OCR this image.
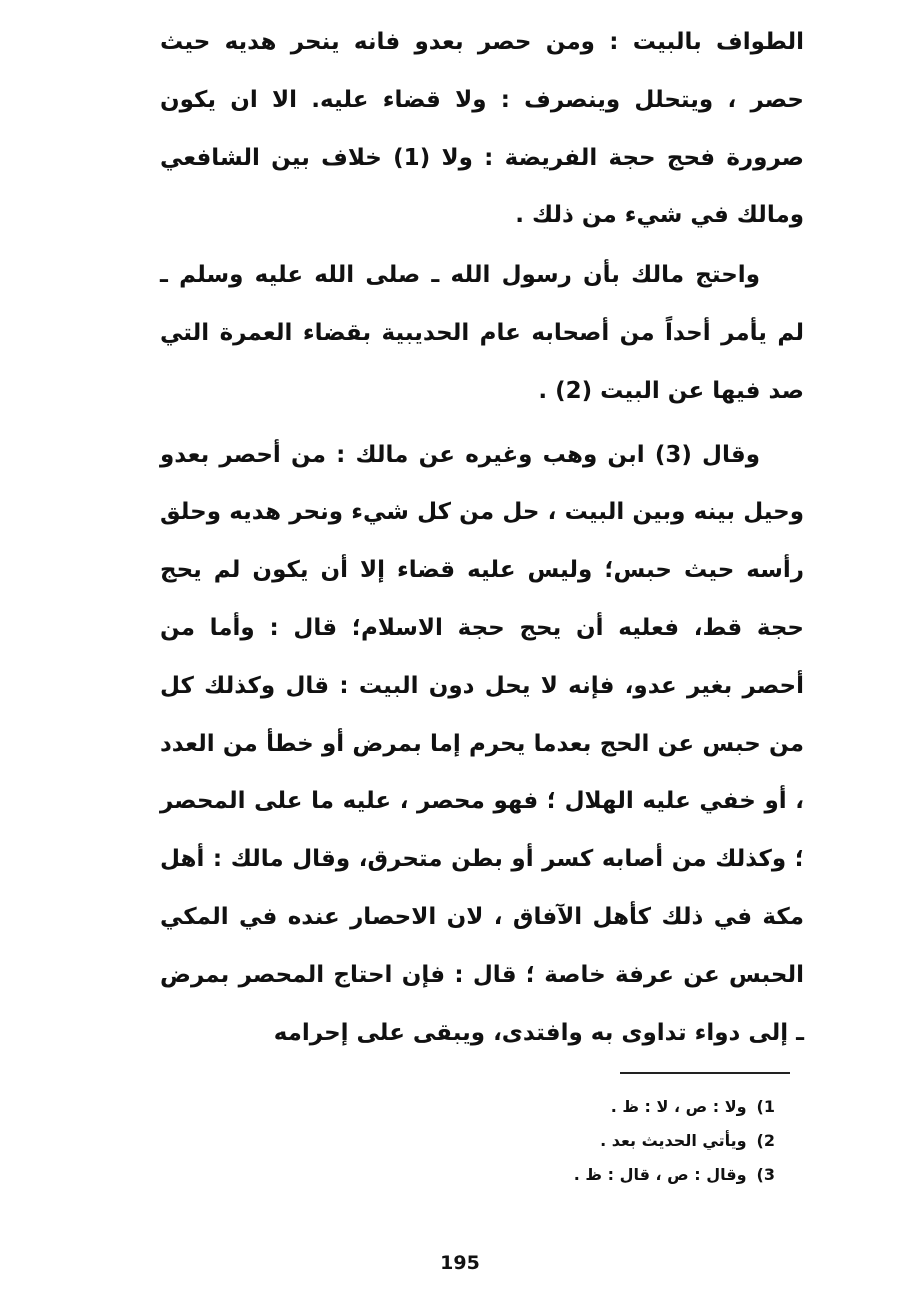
الطواف بالبيت : ومن حصر بعدو فانه ينحر هديه حيث حصر ، ويتحلل وينصرف : ولا قضاء عليه. الا ان يكون صرورة فحج حجة الفريضة : ولا (1) خلاف بين الشافعي ومالك في شيء من ذلك .

واحتج مالك بأن رسول الله ـ صلى الله عليه وسلم ـ لم يأمر أحداً من أصحابه عام الحديبية بقضاء العمرة التي صد فيها عن البيت (2) .

وقال (3) ابن وهب وغيره عن مالك : من أحصر بعدو وحيل بينه وبين البيت ، حل من كل شيء ونحر هديه وحلق رأسه حيث حبس؛ وليس عليه قضاء إلا أن يكون لم يحج حجة قط، فعليه أن يحج حجة الاسلام؛ قال : وأما من أحصر بغير عدو، فإنه لا يحل دون البيت : قال وكذلك كل من حبس عن الحج بعدما يحرم إما بمرض أو خطأ من العدد ، أو خفي عليه الهلال ؛ فهو محصر ، عليه ما على المحصر ؛ وكذلك من أصابه كسر أو بطن متحرق، وقال مالك : أهل مكة في ذلك كأهل الآفاق ، لان الاحصار عنده في المكي الحبس عن عرفة خاصة ؛ قال : فإن احتاج المحصر بمرض ـ إلى دواء تداوى به وافتدى، ويبقى على إحرامه

1)ولا : ص ، لا : ظ .

2)ويأتي الحديث بعد .

3)وقال : ص ، قال : ظ .

195
